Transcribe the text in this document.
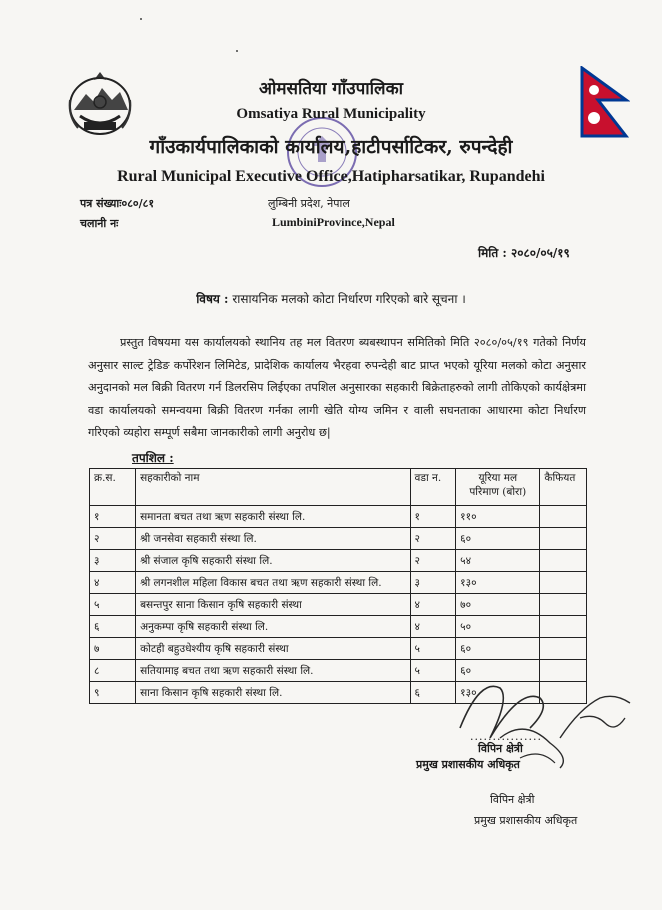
ओमसतिया गाँउपालिका
Omsatiya Rural Municipality
गाँउकार्यपालिकाको कार्यालय,हाटीपर्साटिकर, रुपन्देही
Rural Municipal Executive Office,Hatipharsatikar, Rupandehi
लुम्बिनी प्रदेश, नेपाल
LumbiniProvince,Nepal
पत्र संख्याः०८०/८१
चलानी नः
मिति : २०८०/०५/१९
विषय : रासायनिक मलको कोटा निर्धारण गरिएको बारे सूचना ।
प्रस्तुत विषयमा यस कार्यालयको स्थानिय तह मल वितरण ब्यबस्थापन समितिको मिति २०८०/०५/१९ गतेको निर्णय अनुसार साल्ट ट्रेडिङ कर्पोरेशन लिमिटेड, प्रादेशिक कार्यालय भैरहवा रुपन्देही बाट प्राप्त भएको यूरिया मलको कोटा अनुसार अनुदानको मल बिक्री वितरण गर्न डिलरसिप लिईएका तपशिल अनुसारका सहकारी बिक्रेताहरुको लागी तोकिएको कार्यक्षेत्रमा वडा कार्यालयको समन्वयमा बिक्री वितरण गर्नका लागी खेति योग्य जमिन र वाली सघनताका आधारमा कोटा निर्धारण गरिएको व्यहोरा सम्पूर्ण सबैमा जानकारीको लागी अनुरोध छ|
तपशिल :
क्र.स.	सहकारीको नाम	वडा न.	यूरिया मल
परिमाण (बोरा)	कैफियत
१	समानता बचत तथा ऋण सहकारी संस्था लि.	१	११०	
२	श्री जनसेवा सहकारी संस्था लि.	२	६०	
३	श्री संजाल कृषि सहकारी संस्था लि.	२	५४	
४	श्री लगनशील महिला विकास बचत तथा ऋण सहकारी संस्था लि.	३	१३०	
५	बसन्तपुर साना किसान कृषि सहकारी संस्था	४	७०	
६	अनुकम्पा कृषि सहकारी संस्था लि.	४	५०	
७	कोटही बहुउधेश्यीय कृषि सहकारी संस्था	५	६०	
८	सतियामाइ बचत तथा ऋण सहकारी संस्था लि.	५	६०	
९	साना किसान कृषि सहकारी संस्था लि.	६	१३०	
................
विपिन क्षेत्री
प्रमुख प्रशासकीय अधिकृत
विपिन क्षेत्री
प्रमुख प्रशासकीय अधिकृत
